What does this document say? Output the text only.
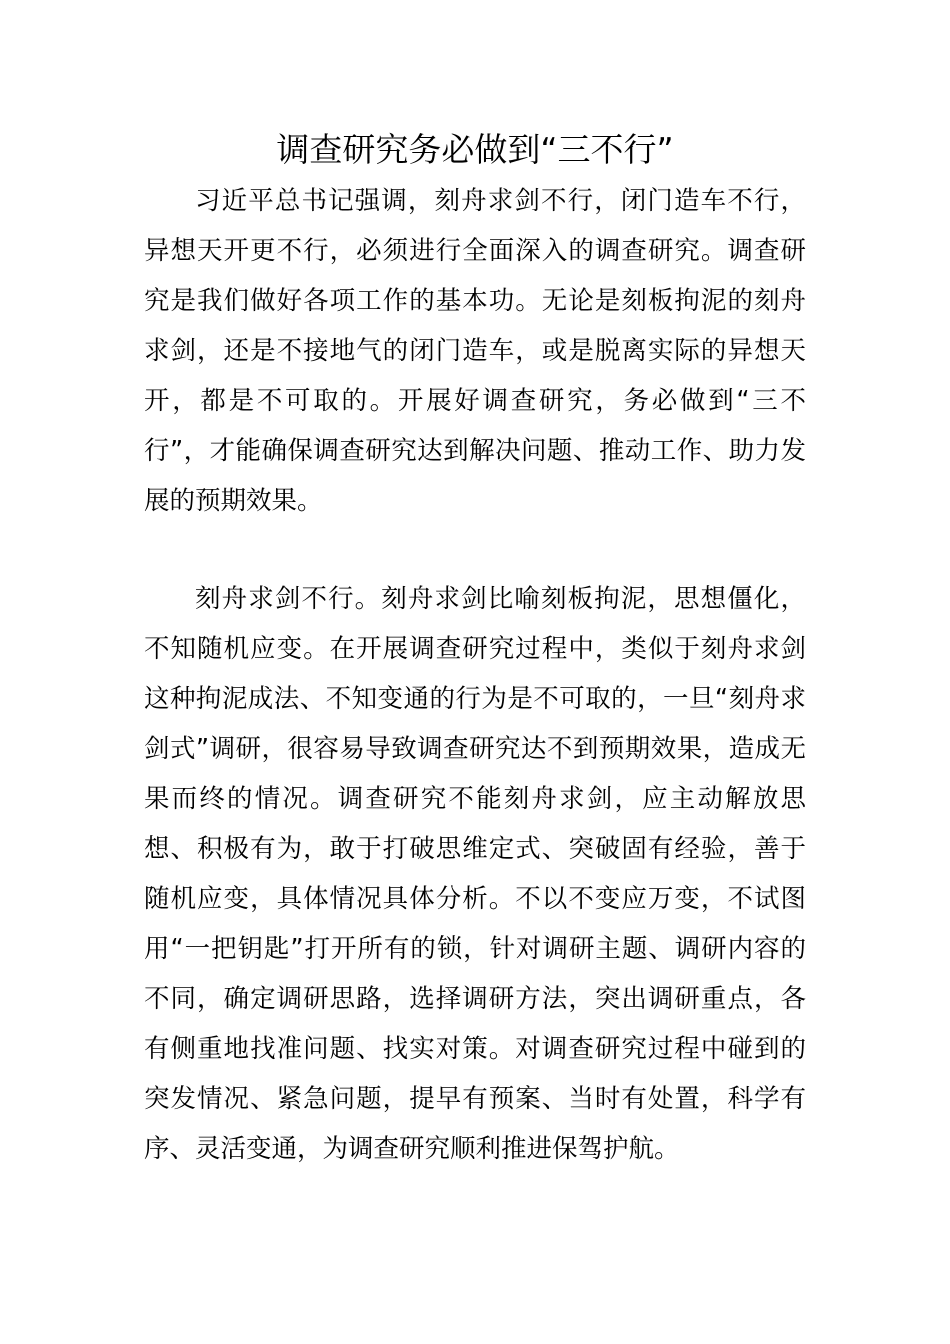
调查研究务必做到“三不行”

习近平总书记强调，刻舟求剑不行，闭门造车不行，异想天开更不行，必须进行全面深入的调查研究。调查研究是我们做好各项工作的基本功。无论是刻板拘泥的刻舟求剑，还是不接地气的闭门造车，或是脱离实际的异想天开，都是不可取的。开展好调查研究，务必做到“三不行”，才能确保调查研究达到解决问题、推动工作、助力发展的预期效果。

刻舟求剑不行。刻舟求剑比喻刻板拘泥，思想僵化，不知随机应变。在开展调查研究过程中，类似于刻舟求剑这种拘泥成法、不知变通的行为是不可取的，一旦“刻舟求剑式”调研，很容易导致调查研究达不到预期效果，造成无果而终的情况。调查研究不能刻舟求剑，应主动解放思想、积极有为，敢于打破思维定式、突破固有经验，善于随机应变，具体情况具体分析。不以不变应万变，不试图用“一把钥匙”打开所有的锁，针对调研主题、调研内容的不同，确定调研思路，选择调研方法，突出调研重点，各有侧重地找准问题、找实对策。对调查研究过程中碰到的突发情况、紧急问题，提早有预案、当时有处置，科学有序、灵活变通，为调查研究顺利推进保驾护航。
